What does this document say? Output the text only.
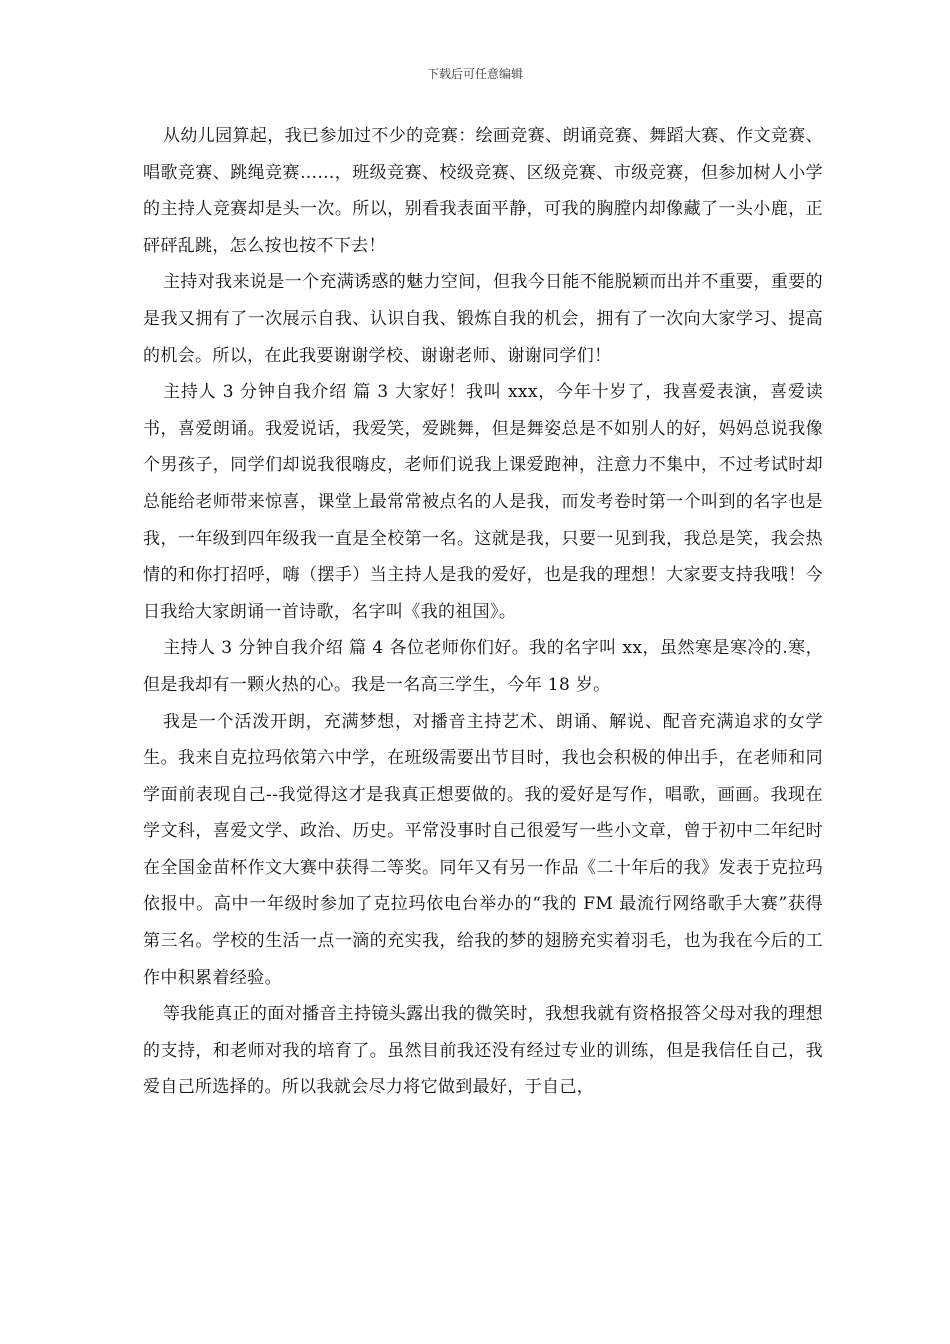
下载后可任意编辑

从幼儿园算起，我已参加过不少的竞赛：绘画竞赛、朗诵竞赛、舞蹈大赛、作文竞赛、唱歌竞赛、跳绳竞赛……，班级竞赛、校级竞赛、区级竞赛、市级竞赛，但参加树人小学的主持人竞赛却是头一次。所以，别看我表面平静，可我的胸膛内却像藏了一头小鹿，正砰砰乱跳，怎么按也按不下去！

主持对我来说是一个充满诱惑的魅力空间，但我今日能不能脱颖而出并不重要，重要的是我又拥有了一次展示自我、认识自我、锻炼自我的机会，拥有了一次向大家学习、提高的机会。所以，在此我要谢谢学校、谢谢老师、谢谢同学们！

主持人 3 分钟自我介绍 篇 3 大家好！我叫 xxx，今年十岁了，我喜爱表演，喜爱读书，喜爱朗诵。我爱说话，我爱笑，爱跳舞，但是舞姿总是不如别人的好，妈妈总说我像个男孩子，同学们却说我很嗨皮，老师们说我上课爱跑神，注意力不集中，不过考试时却总能给老师带来惊喜，课堂上最常常被点名的人是我，而发考卷时第一个叫到的名字也是我，一年级到四年级我一直是全校第一名。这就是我，只要一见到我，我总是笑，我会热情的和你打招呼，嗨（摆手）当主持人是我的爱好，也是我的理想！大家要支持我哦！今日我给大家朗诵一首诗歌，名字叫《我的祖国》。

主持人 3 分钟自我介绍 篇 4 各位老师你们好。我的名字叫 xx，虽然寒是寒冷的.寒，但是我却有一颗火热的心。我是一名高三学生，今年 18 岁。

我是一个活泼开朗，充满梦想，对播音主持艺术、朗诵、解说、配音充满追求的女学生。我来自克拉玛依第六中学，在班级需要出节目时，我也会积极的伸出手，在老师和同学面前表现自己--我觉得这才是我真正想要做的。我的爱好是写作，唱歌，画画。我现在学文科，喜爱文学、政治、历史。平常没事时自己很爱写一些小文章，曾于初中二年纪时在全国金苗杯作文大赛中获得二等奖。同年又有另一作品《二十年后的我》发表于克拉玛依报中。高中一年级时参加了克拉玛依电台举办的“我的 FM 最流行网络歌手大赛”获得第三名。学校的生活一点一滴的充实我，给我的梦的翅膀充实着羽毛，也为我在今后的工作中积累着经验。

等我能真正的面对播音主持镜头露出我的微笑时，我想我就有资格报答父母对我的理想的支持，和老师对我的培育了。虽然目前我还没有经过专业的训练，但是我信任自己，我爱自己所选择的。所以我就会尽力将它做到最好，于自己，
